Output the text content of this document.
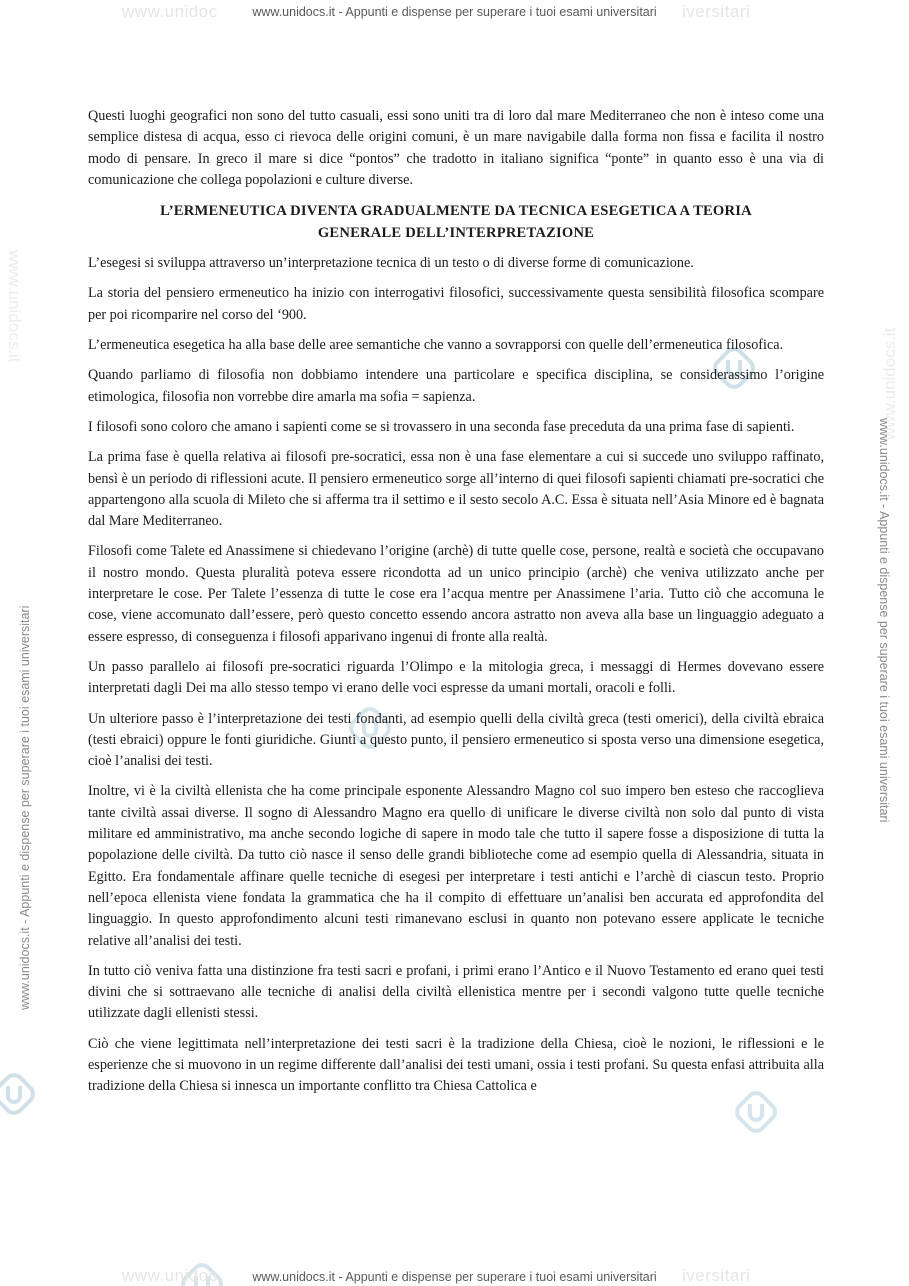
www.unidoc	iversitari
www.unidocs.it - Appunti e dispense per superare i tuoi esami universitari
www.unidocs.it
www.unidocs.it
www.unidocs.it - Appunti e dispense per superare i tuoi esami universitari	www.unidocs.it - Appunti e dispense per superare i tuoi esami universitari

Questi luoghi geografici non sono del tutto casuali, essi sono uniti tra di loro dal mare Mediterraneo che non è inteso come una semplice distesa di acqua, esso ci rievoca delle origini comuni, è un mare navigabile dalla forma non fissa e facilita il nostro modo di pensare. In greco il mare si dice “pontos” che tradotto in italiano significa “ponte” in quanto esso è una via di comunicazione che collega popolazioni e culture diverse.

L’ERMENEUTICA DIVENTA GRADUALMENTE DA TECNICA ESEGETICA A TEORIA
GENERALE DELL’INTERPRETAZIONE

L’esegesi si sviluppa attraverso un’interpretazione tecnica di un testo o di diverse forme di comunicazione.

La storia del pensiero ermeneutico ha inizio con interrogativi filosofici, successivamente questa sensibilità filosofica scompare per poi ricomparire nel corso del ‘900.

L’ermeneutica esegetica ha alla base delle aree semantiche che vanno a sovrapporsi con quelle dell’ermeneutica filosofica.

Quando parliamo di filosofia non dobbiamo intendere una particolare e specifica disciplina, se considerassimo l’origine etimologica, filosofia non vorrebbe dire amarla ma sofia = sapienza.

I filosofi sono coloro che amano i sapienti come se si trovassero in una seconda fase preceduta da una prima fase di sapienti.

La prima fase è quella relativa ai filosofi pre-socratici, essa non è una fase elementare a cui si succede uno sviluppo raffinato, bensì è un periodo di riflessioni acute. Il pensiero ermeneutico sorge all’interno di quei filosofi sapienti chiamati pre-socratici che appartengono alla scuola di Mileto che si afferma tra il settimo e il sesto secolo A.C. Essa è situata nell’Asia Minore ed è bagnata dal Mare Mediterraneo.

Filosofi come Talete ed Anassimene si chiedevano l’origine (archè) di tutte quelle cose, persone, realtà e società che occupavano il nostro mondo. Questa pluralità poteva essere ricondotta ad un unico principio (archè) che veniva utilizzato anche per interpretare le cose. Per Talete l’essenza di tutte le cose era l’acqua mentre per Anassimene l’aria. Tutto ciò che accomuna le cose, viene accomunato dall’essere, però questo concetto essendo ancora astratto non aveva alla base un linguaggio adeguato a essere espresso, di conseguenza i filosofi apparivano ingenui di fronte alla realtà.

Un passo parallelo ai filosofi pre-socratici riguarda l’Olimpo e la mitologia greca, i messaggi di Hermes dovevano essere interpretati dagli Dei ma allo stesso tempo vi erano delle voci espresse da umani mortali, oracoli e folli.

Un ulteriore passo è l’interpretazione dei testi fondanti, ad esempio quelli della civiltà greca (testi omerici), della civiltà ebraica (testi ebraici) oppure le fonti giuridiche. Giunti a questo punto, il pensiero ermeneutico si sposta verso una dimensione esegetica, cioè l’analisi dei testi.

Inoltre, vi è la civiltà ellenista che ha come principale esponente Alessandro Magno col suo impero ben esteso che raccoglieva tante civiltà assai diverse. Il sogno di Alessandro Magno era quello di unificare le diverse civiltà non solo dal punto di vista militare ed amministrativo, ma anche secondo logiche di sapere in modo tale che tutto il sapere fosse a disposizione di tutta la popolazione delle civiltà. Da tutto ciò nasce il senso delle grandi biblioteche come ad esempio quella di Alessandria, situata in Egitto. Era fondamentale affinare quelle tecniche di esegesi per interpretare i testi antichi e l’archè di ciascun testo. Proprio nell’epoca ellenista viene fondata la grammatica che ha il compito di effettuare un’analisi ben accurata ed approfondita del linguaggio. In questo approfondimento alcuni testi rimanevano esclusi in quanto non potevano essere applicate le tecniche relative all’analisi dei testi.

In tutto ciò veniva fatta una distinzione fra testi sacri e profani, i primi erano l’Antico e il Nuovo Testamento ed erano quei testi divini che si sottraevano alle tecniche di analisi della civiltà ellenistica mentre per i secondi valgono tutte quelle tecniche utilizzate dagli ellenisti stessi.

Ciò che viene legittimata nell’interpretazione dei testi sacri è la tradizione della Chiesa, cioè le nozioni, le riflessioni e le esperienze che si muovono in un regime differente dall’analisi dei testi umani, ossia i testi profani. Su questa enfasi attribuita alla tradizione della Chiesa si innesca un importante conflitto tra Chiesa Cattolica e

www.unidoc	iversitari
www.unidocs.it - Appunti e dispense per superare i tuoi esami universitari
